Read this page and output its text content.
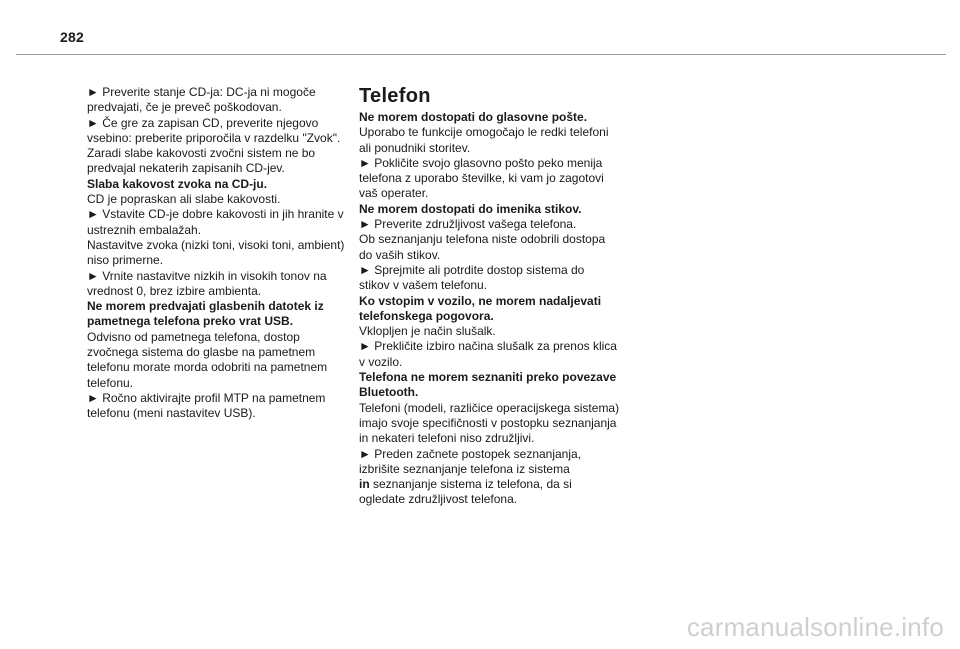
282
► Preverite stanje CD-ja: DC-ja ni mogoče
predvajati, če je preveč poškodovan.
► Če gre za zapisan CD, preverite njegovo
vsebino: preberite priporočila v razdelku "Zvok".
Zaradi slabe kakovosti zvočni sistem ne bo
predvajal nekaterih zapisanih CD-jev.
Slaba kakovost zvoka na CD-ju.
CD je popraskan ali slabe kakovosti.
► Vstavite CD-je dobre kakovosti in jih hranite v
ustreznih embalažah.
Nastavitve zvoka (nizki toni, visoki toni, ambient)
niso primerne.
► Vrnite nastavitve nizkih in visokih tonov na
vrednost 0, brez izbire ambienta.
Ne morem predvajati glasbenih datotek iz
pametnega telefona preko vrat USB.
Odvisno od pametnega telefona, dostop
zvočnega sistema do glasbe na pametnem
telefonu morate morda odobriti na pametnem
telefonu.
► Ročno aktivirajte profil MTP na pametnem
telefonu (meni nastavitev USB).
Telefon
Ne morem dostopati do glasovne pošte.
Uporabo te funkcije omogočajo le redki telefoni
ali ponudniki storitev.
► Pokličite svojo glasovno pošto peko menija
telefona z uporabo številke, ki vam jo zagotovi
vaš operater.
Ne morem dostopati do imenika stikov.
► Preverite združljivost vašega telefona.
Ob seznanjanju telefona niste odobrili dostopa
do vaših stikov.
► Sprejmite ali potrdite dostop sistema do
stikov v vašem telefonu.
Ko vstopim v vozilo, ne morem nadaljevati
telefonskega pogovora.
Vklopljen je način slušalk.
► Prekličite izbiro načina slušalk za prenos klica
v vozilo.
Telefona ne morem seznaniti preko povezave
Bluetooth.
Telefoni (modeli, različice operacijskega sistema)
imajo svoje specifičnosti v postopku seznanjanja
in nekateri telefoni niso združljivi.
► Preden začnete postopek seznanjanja,
izbrišite seznanjanje telefona iz sistema
in seznanjanje sistema iz telefona, da si
ogledate združljivost telefona.
carmanualsonline.info
